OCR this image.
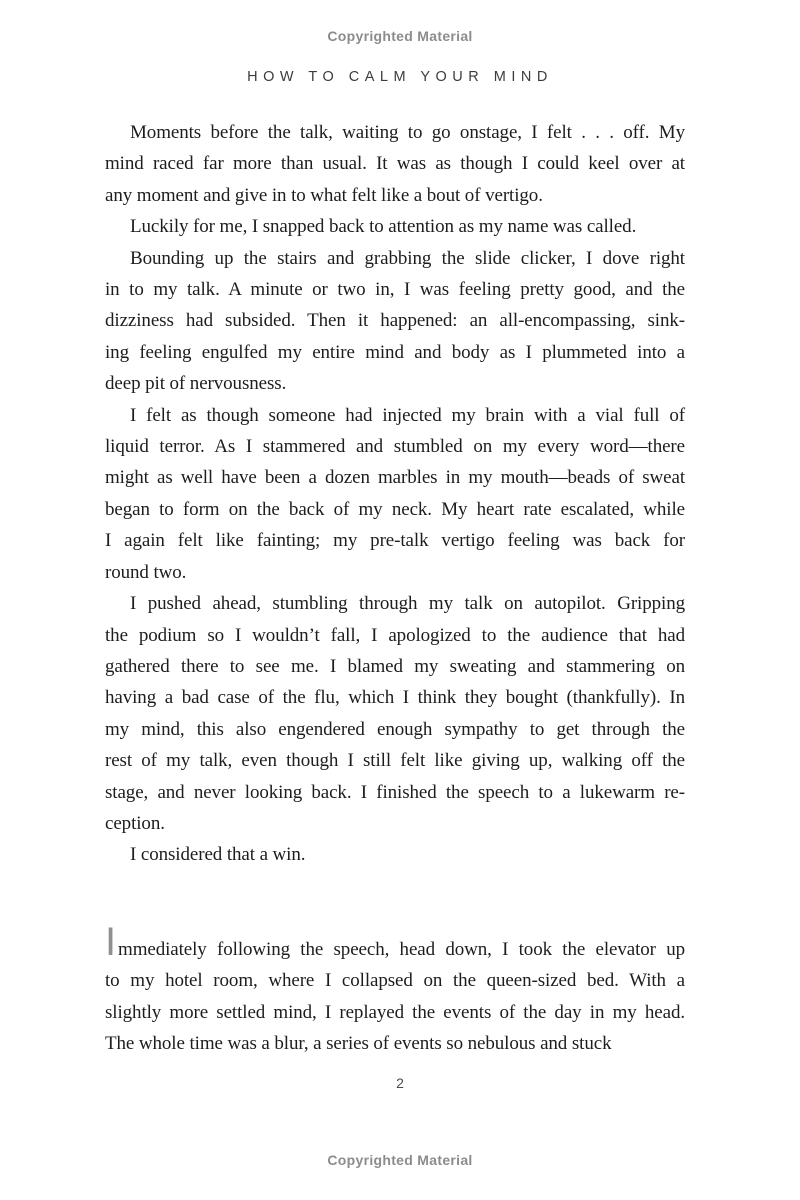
Copyrighted Material
HOW TO CALM YOUR MIND
Moments before the talk, waiting to go onstage, I felt . . . off. My
mind raced far more than usual. It was as though I could keel over at
any moment and give in to what felt like a bout of vertigo.
Luckily for me, I snapped back to attention as my name was called.
Bounding up the stairs and grabbing the slide clicker, I dove right
in to my talk. A minute or two in, I was feeling pretty good, and the
dizziness had subsided. Then it happened: an all-encompassing, sink-
ing feeling engulfed my entire mind and body as I plummeted into a
deep pit of nervousness.
I felt as though someone had injected my brain with a vial full of
liquid terror. As I stammered and stumbled on my every word—there
might as well have been a dozen marbles in my mouth—beads of sweat
began to form on the back of my neck. My heart rate escalated, while
I again felt like fainting; my pre-talk vertigo feeling was back for
round two.
I pushed ahead, stumbling through my talk on autopilot. Gripping
the podium so I wouldn’t fall, I apologized to the audience that had
gathered there to see me. I blamed my sweating and stammering on
having a bad case of the flu, which I think they bought (thankfully). In
my mind, this also engendered enough sympathy to get through the
rest of my talk, even though I still felt like giving up, walking off the
stage, and never looking back. I finished the speech to a lukewarm re-
ception.
I considered that a win.
Immediately following the speech, head down, I took the elevator up
to my hotel room, where I collapsed on the queen-sized bed. With a
slightly more settled mind, I replayed the events of the day in my head.
The whole time was a blur, a series of events so nebulous and stuck
2
Copyrighted Material
